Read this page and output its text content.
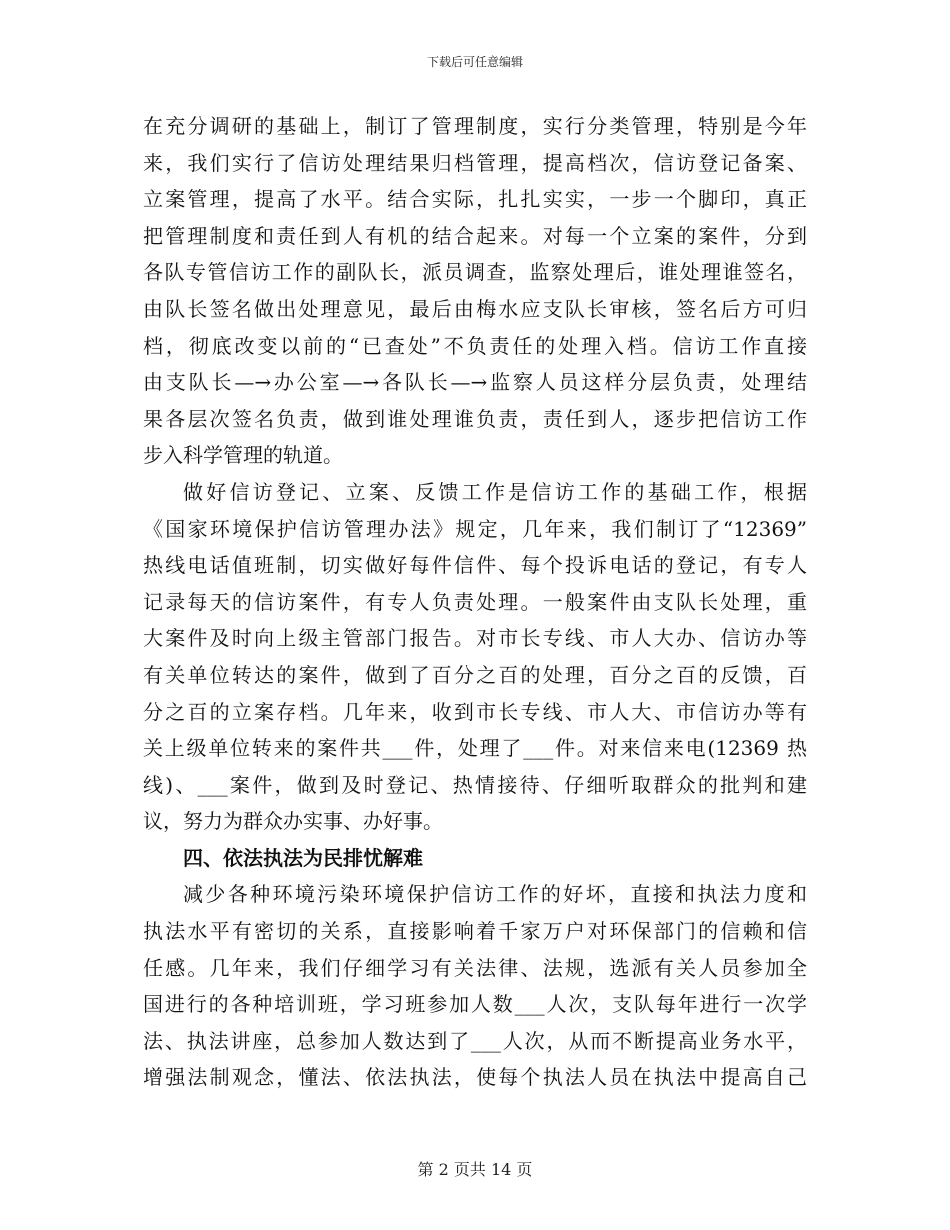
下载后可任意编辑
在充分调研的基础上，制订了管理制度，实行分类管理，特别是今年
来，我们实行了信访处理结果归档管理，提高档次，信访登记备案、
立案管理，提高了水平。结合实际，扎扎实实，一步一个脚印，真正
把管理制度和责任到人有机的结合起来。对每一个立案的案件，分到
各队专管信访工作的副队长，派员调查，监察处理后，谁处理谁签名，
由队长签名做出处理意见，最后由梅水应支队长审核，签名后方可归
档，彻底改变以前的“已查处”不负责任的处理入档。信访工作直接
由支队长—→办公室—→各队长—→监察人员这样分层负责，处理结
果各层次签名负责，做到谁处理谁负责，责任到人，逐步把信访工作
步入科学管理的轨道。
做好信访登记、立案、反馈工作是信访工作的基础工作，根据
《国家环境保护信访管理办法》规定，几年来，我们制订了“12369”
热线电话值班制，切实做好每件信件、每个投诉电话的登记，有专人
记录每天的信访案件，有专人负责处理。一般案件由支队长处理，重
大案件及时向上级主管部门报告。对市长专线、市人大办、信访办等
有关单位转达的案件，做到了百分之百的处理，百分之百的反馈，百
分之百的立案存档。几年来，收到市长专线、市人大、市信访办等有
关上级单位转来的案件共___件，处理了___件。对来信来电(12369 热
线)、___案件，做到及时登记、热情接待、仔细听取群众的批判和建
议，努力为群众办实事、办好事。
四、依法执法为民排忧解难
减少各种环境污染环境保护信访工作的好坏，直接和执法力度和
执法水平有密切的关系，直接影响着千家万户对环保部门的信赖和信
任感。几年来，我们仔细学习有关法律、法规，选派有关人员参加全
国进行的各种培训班，学习班参加人数___人次，支队每年进行一次学
法、执法讲座，总参加人数达到了___人次，从而不断提高业务水平，
增强法制观念，懂法、依法执法，使每个执法人员在执法中提高自己
第 2 页共 14 页
